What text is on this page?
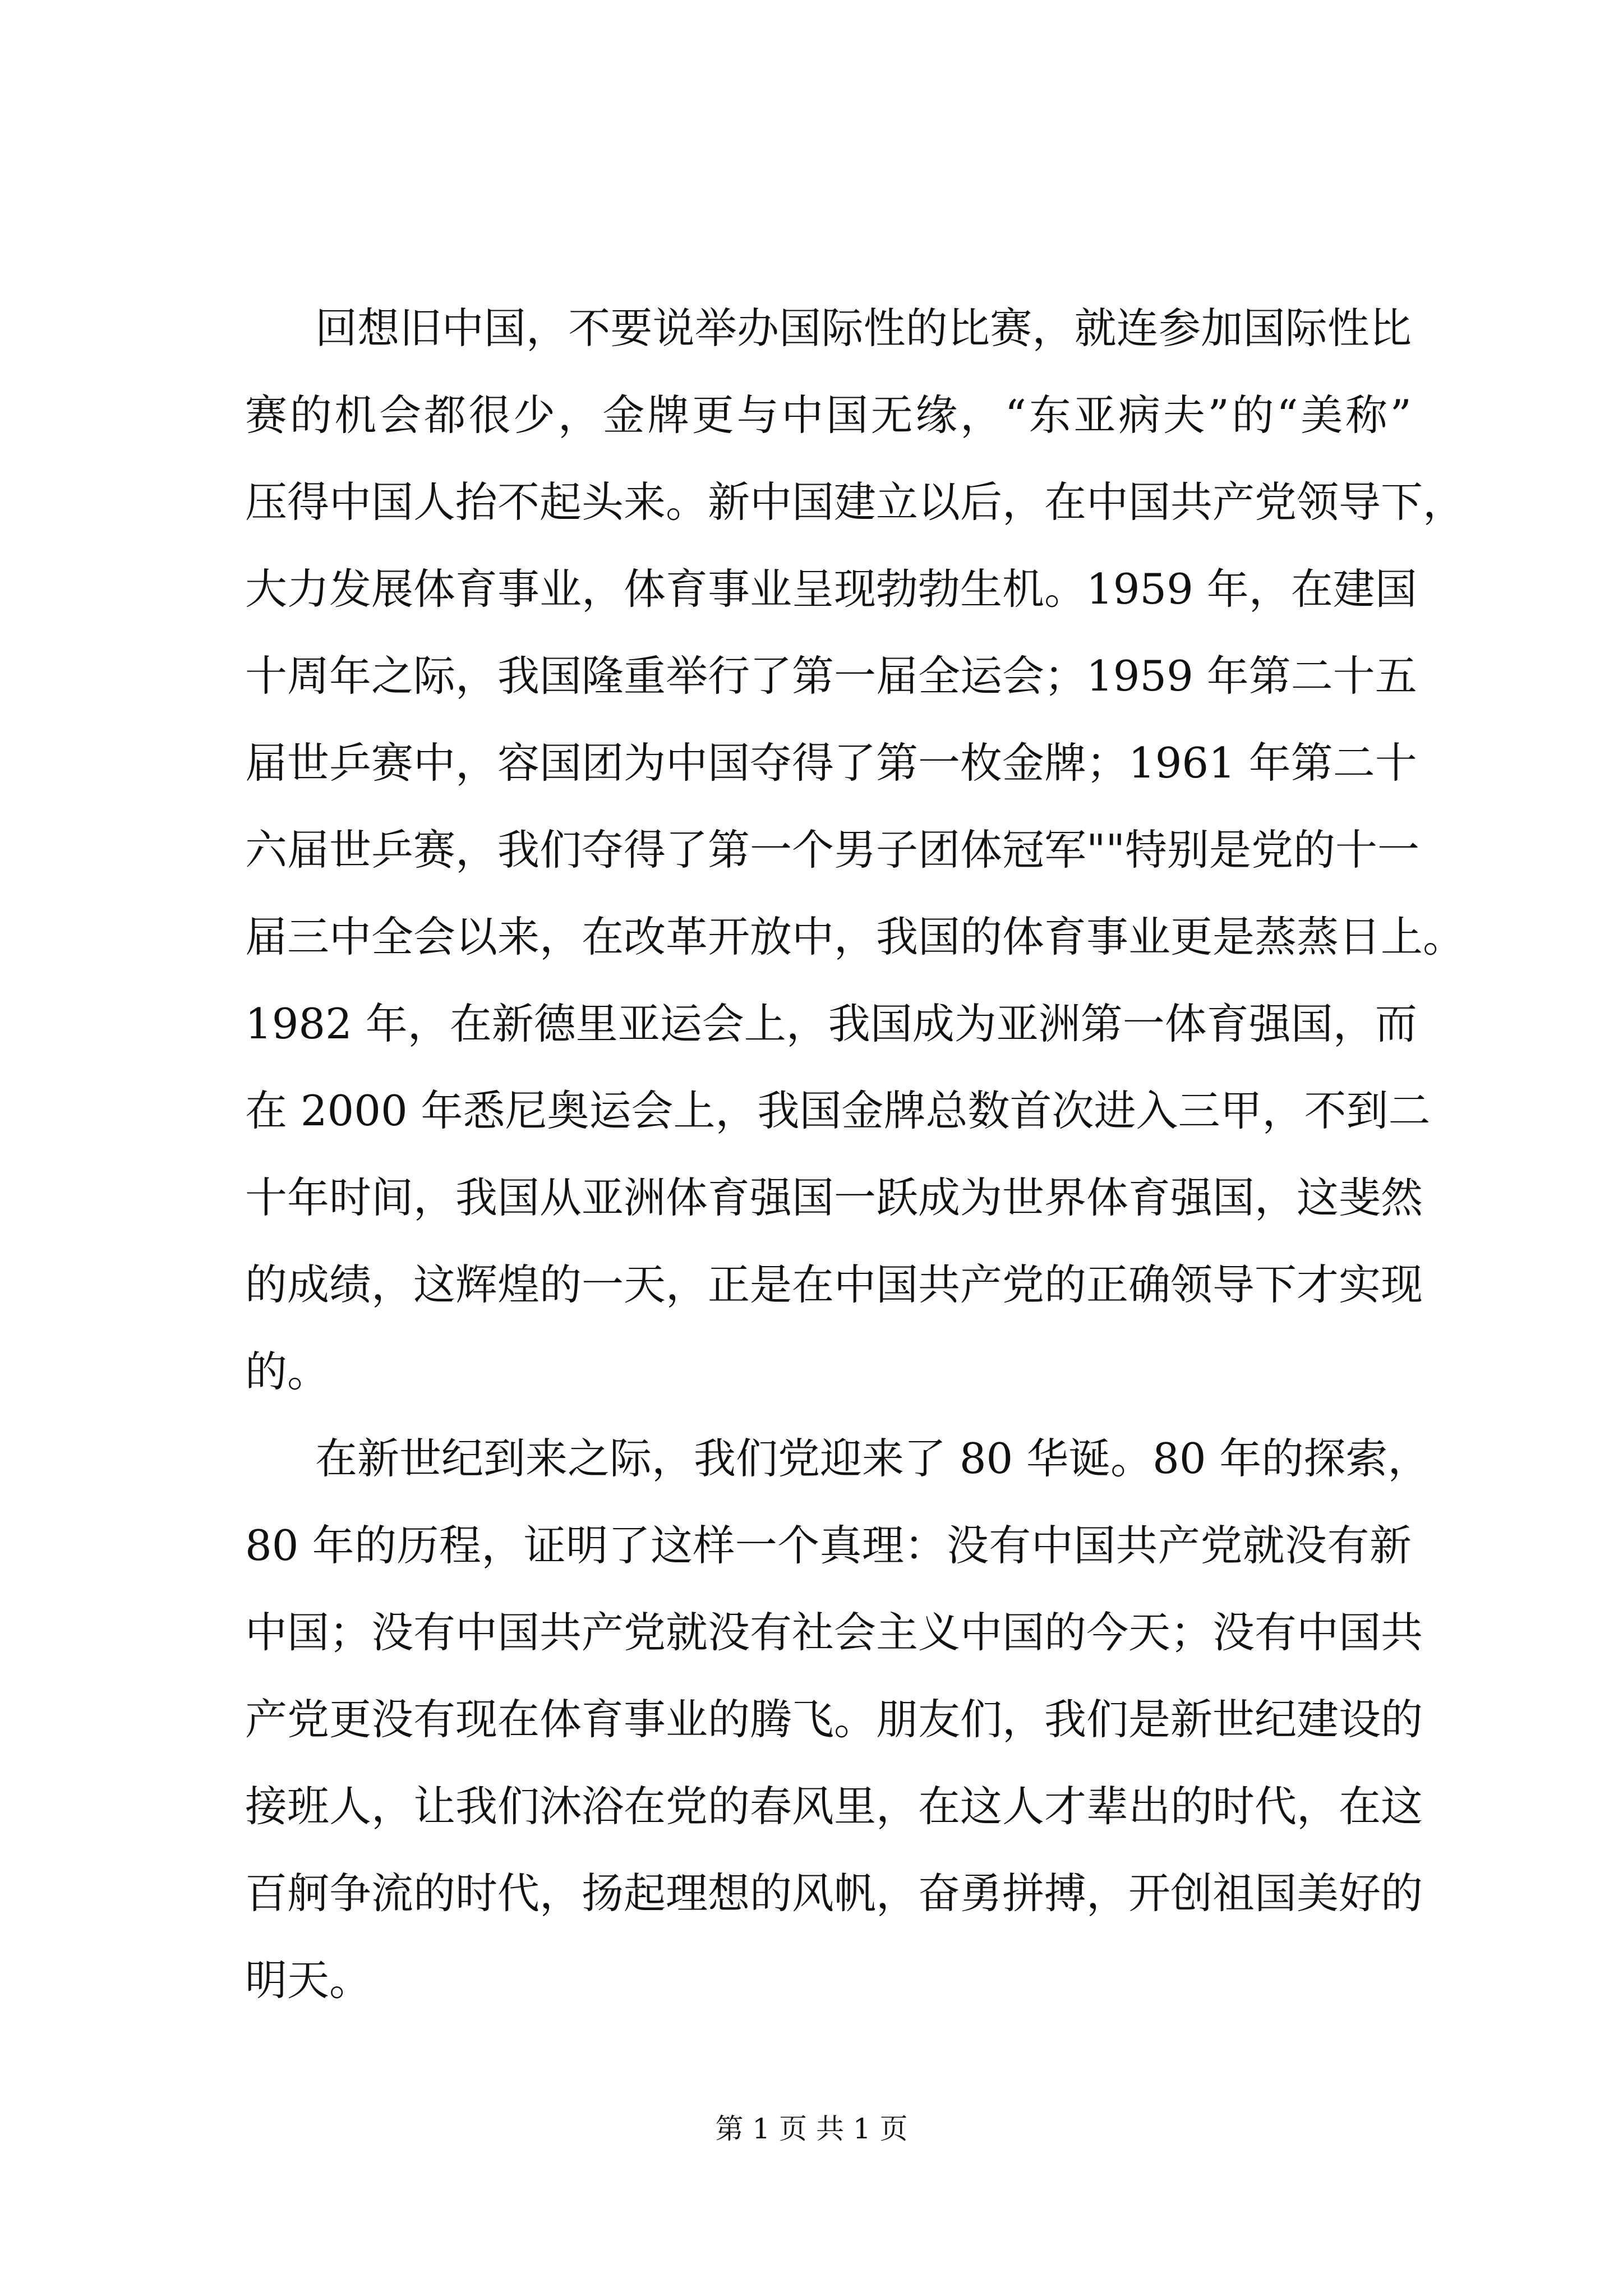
回想旧中国，不要说举办国际性的比赛，就连参加国际性比
赛的机会都很少，金牌更与中国无缘，“东亚病夫”的“美称”
压得中国人抬不起头来。新中国建立以后，在中国共产党领导下，
大力发展体育事业，体育事业呈现勃勃生机。1959 年，在建国
十周年之际，我国隆重举行了第一届全运会；1959 年第二十五
届世乒赛中，容国团为中国夺得了第一枚金牌；1961 年第二十
六届世乒赛，我们夺得了第一个男子团体冠军""特别是党的十一
届三中全会以来，在改革开放中，我国的体育事业更是蒸蒸日上。
1982 年，在新德里亚运会上，我国成为亚洲第一体育强国，而
在 2000 年悉尼奥运会上，我国金牌总数首次进入三甲，不到二
十年时间，我国从亚洲体育强国一跃成为世界体育强国，这斐然
的成绩，这辉煌的一天，正是在中国共产党的正确领导下才实现
的。
在新世纪到来之际，我们党迎来了 80 华诞。80 年的探索，
80 年的历程，证明了这样一个真理：没有中国共产党就没有新
中国；没有中国共产党就没有社会主义中国的今天；没有中国共
产党更没有现在体育事业的腾飞。朋友们，我们是新世纪建设的
接班人，让我们沐浴在党的春风里，在这人才辈出的时代，在这
百舸争流的时代，扬起理想的风帆，奋勇拼搏，开创祖国美好的
明天。
第 1 页 共 1 页
